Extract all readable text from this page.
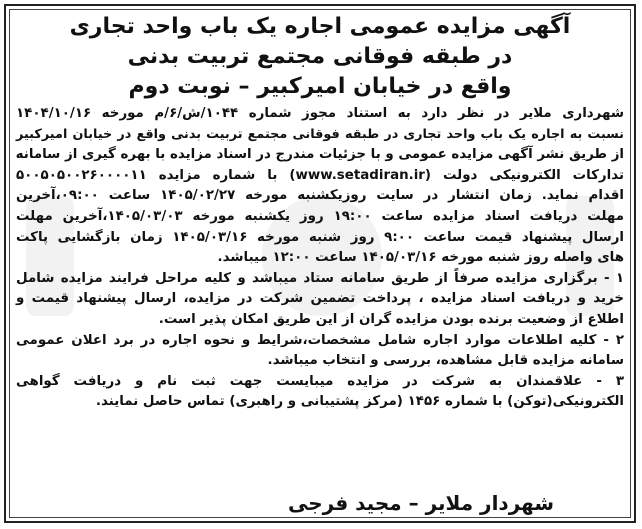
آگهی مزایده عمومی اجاره یک باب واحد تجاری
در طبقه فوقانی مجتمع تربیت بدنی
واقع در خیابان امیرکبیر – نوبت دوم
شهرداری ملایر در نظر دارد به استناد مجوز شماره ۱۰۴۴/ش/۶/م مورخه ۱۴۰۴/۱۰/۱۶
نسبت به اجاره یک باب واحد تجاری در طبقه فوقانی مجتمع تربیت بدنی واقع در خیابان امیرکبیر
از طریق نشر آگهی مزایده عمومی و با جزئیات مندرج در اسناد مزایده با بهره گیری از سامانه
تدارکات الکترونیکی دولت (www.setadiran.ir) با شماره مزایده ۵۰۰۵۰۵۰۰۲۶۰۰۰۰۱۱
اقدام نماید. زمان انتشار در سایت روزیکشنبه مورخه ۱۴۰۵/۰۲/۲۷ ساعت ۰۹:۰۰،آخرین
مهلت دریافت اسناد مزایده ساعت ۱۹:۰۰ روز یکشنبه مورخه ۱۴۰۵/۰۳/۰۳،آخرین مهلت
ارسال پیشنهاد قیمت ساعت ۹:۰۰ روز شنبه مورخه ۱۴۰۵/۰۳/۱۶ زمان بازگشایی پاکت
های واصله روز شنبه مورخه ۱۴۰۵/۰۳/۱۶ ساعت ۱۲:۰۰ میباشد.
۱ - برگزاری مزایده صرفاً از طریق سامانه ستاد میباشد و کلیه مراحل فرایند مزایده شامل
خرید و دریافت اسناد مزایده ، پرداخت تضمین شرکت در مزایده، ارسال پیشنهاد قیمت و
اطلاع از وضعیت برنده بودن مزایده گران از این طریق امکان پذیر است.
۲ - کلیه اطلاعات موارد اجاره شامل مشخصات،شرایط و نحوه اجاره در برد اعلان عمومی
سامانه مزایده قابل مشاهده، بررسی و انتخاب میباشد.
۳ - علاقمندان به شرکت در مزایده میبایست جهت ثبت نام و دریافت گواهی
الکترونیکی(توکن) با شماره ۱۴۵۶ (مرکز پشتیبانی و راهبری) تماس حاصل نمایند.
شهردار ملایر – مجید فرجی
